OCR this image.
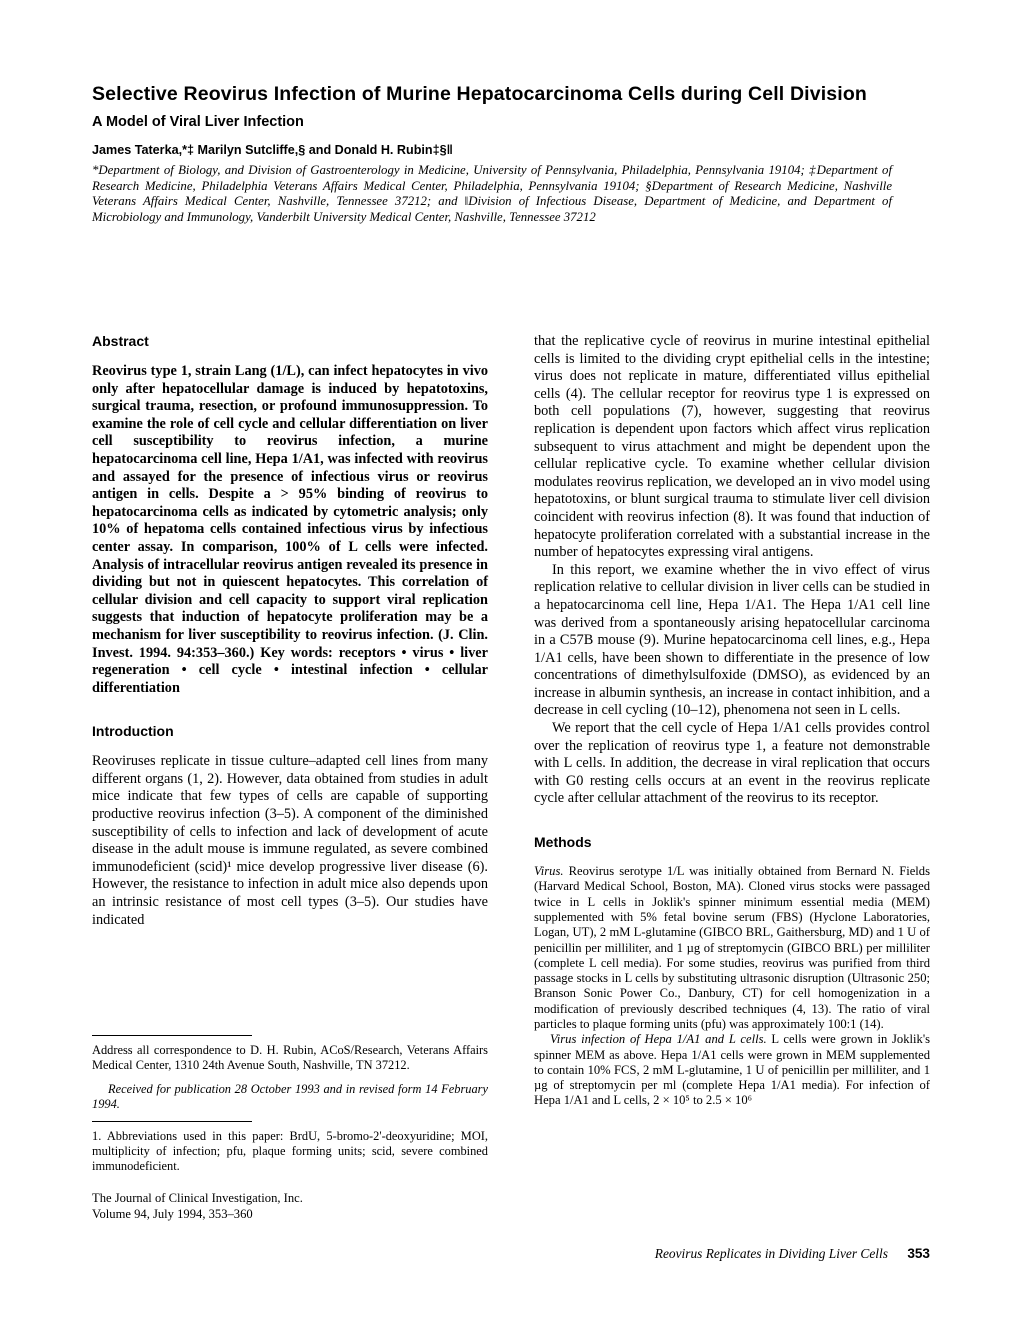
Selective Reovirus Infection of Murine Hepatocarcinoma Cells during Cell Division
A Model of Viral Liver Infection
James Taterka,*‡ Marilyn Sutcliffe,§ and Donald H. Rubin‡§‖

*Department of Biology, and Division of Gastroenterology in Medicine, University of Pennsylvania, Philadelphia, Pennsylvania 19104; ‡Department of Research Medicine, Philadelphia Veterans Affairs Medical Center, Philadelphia, Pennsylvania 19104; §Department of Research Medicine, Nashville Veterans Affairs Medical Center, Nashville, Tennessee 37212; and ‖Division of Infectious Disease, Department of Medicine, and Department of Microbiology and Immunology, Vanderbilt University Medical Center, Nashville, Tennessee 37212

Abstract

Reovirus type 1, strain Lang (1/L), can infect hepatocytes in vivo only after hepatocellular damage is induced by hepatotoxins, surgical trauma, resection, or profound immunosuppression. To examine the role of cell cycle and cellular differentiation on liver cell susceptibility to reovirus infection, a murine hepatocarcinoma cell line, Hepa 1/A1, was infected with reovirus and assayed for the presence of infectious virus or reovirus antigen in cells. Despite a > 95% binding of reovirus to hepatocarcinoma cells as indicated by cytometric analysis; only 10% of hepatoma cells contained infectious virus by infectious center assay. In comparison, 100% of L cells were infected. Analysis of intracellular reovirus antigen revealed its presence in dividing but not in quiescent hepatocytes. This correlation of cellular division and cell capacity to support viral replication suggests that induction of hepatocyte proliferation may be a mechanism for liver susceptibility to reovirus infection. (J. Clin. Invest. 1994. 94:353–360.) Key words: receptors • virus • liver regeneration • cell cycle • intestinal infection • cellular differentiation

Introduction

Reoviruses replicate in tissue culture–adapted cell lines from many different organs (1, 2). However, data obtained from studies in adult mice indicate that few types of cells are capable of supporting productive reovirus infection (3–5). A component of the diminished susceptibility of cells to infection and lack of development of acute disease in the adult mouse is immune regulated, as severe combined immunodeficient (scid)¹ mice develop progressive liver disease (6). However, the resistance to infection in adult mice also depends upon an intrinsic resistance of most cell types (3–5). Our studies have indicated

that the replicative cycle of reovirus in murine intestinal epithelial cells is limited to the dividing crypt epithelial cells in the intestine; virus does not replicate in mature, differentiated villus epithelial cells (4). The cellular receptor for reovirus type 1 is expressed on both cell populations (7), however, suggesting that reovirus replication is dependent upon factors which affect virus replication subsequent to virus attachment and might be dependent upon the cellular replicative cycle. To examine whether cellular division modulates reovirus replication, we developed an in vivo model using hepatotoxins, or blunt surgical trauma to stimulate liver cell division coincident with reovirus infection (8). It was found that induction of hepatocyte proliferation correlated with a substantial increase in the number of hepatocytes expressing viral antigens.

In this report, we examine whether the in vivo effect of virus replication relative to cellular division in liver cells can be studied in a hepatocarcinoma cell line, Hepa 1/A1. The Hepa 1/A1 cell line was derived from a spontaneously arising hepatocellular carcinoma in a C57B mouse (9). Murine hepatocarcinoma cell lines, e.g., Hepa 1/A1 cells, have been shown to differentiate in the presence of low concentrations of dimethylsulfoxide (DMSO), as evidenced by an increase in albumin synthesis, an increase in contact inhibition, and a decrease in cell cycling (10–12), phenomena not seen in L cells.

We report that the cell cycle of Hepa 1/A1 cells provides control over the replication of reovirus type 1, a feature not demonstrable with L cells. In addition, the decrease in viral replication that occurs with G0 resting cells occurs at an event in the reovirus replicate cycle after cellular attachment of the reovirus to its receptor.

Methods

Virus. Reovirus serotype 1/L was initially obtained from Bernard N. Fields (Harvard Medical School, Boston, MA). Cloned virus stocks were passaged twice in L cells in Joklik's spinner minimum essential media (MEM) supplemented with 5% fetal bovine serum (FBS) (Hyclone Laboratories, Logan, UT), 2 mM L-glutamine (GIBCO BRL, Gaithersburg, MD) and 1 U of penicillin per milliliter, and 1 µg of streptomycin (GIBCO BRL) per milliliter (complete L cell media). For some studies, reovirus was purified from third passage stocks in L cells by substituting ultrasonic disruption (Ultrasonic 250; Branson Sonic Power Co., Danbury, CT) for cell homogenization in a modification of previously described techniques (4, 13). The ratio of viral particles to plaque forming units (pfu) was approximately 100:1 (14).

Virus infection of Hepa 1/A1 and L cells. L cells were grown in Joklik's spinner MEM as above. Hepa 1/A1 cells were grown in MEM supplemented to contain 10% FCS, 2 mM L-glutamine, 1 U of penicillin per milliliter, and 1 µg of streptomycin per ml (complete Hepa 1/A1 media). For infection of Hepa 1/A1 and L cells, 2 × 10⁵ to 2.5 × 10⁶

Address all correspondence to D. H. Rubin, ACoS/Research, Veterans Affairs Medical Center, 1310 24th Avenue South, Nashville, TN 37212.

Received for publication 28 October 1993 and in revised form 14 February 1994.

1. Abbreviations used in this paper: BrdU, 5-bromo-2'-deoxyuridine; MOI, multiplicity of infection; pfu, plaque forming units; scid, severe combined immunodeficient.

The Journal of Clinical Investigation, Inc.

Volume 94, July 1994, 353–360

Reovirus Replicates in Dividing Liver Cells 353
